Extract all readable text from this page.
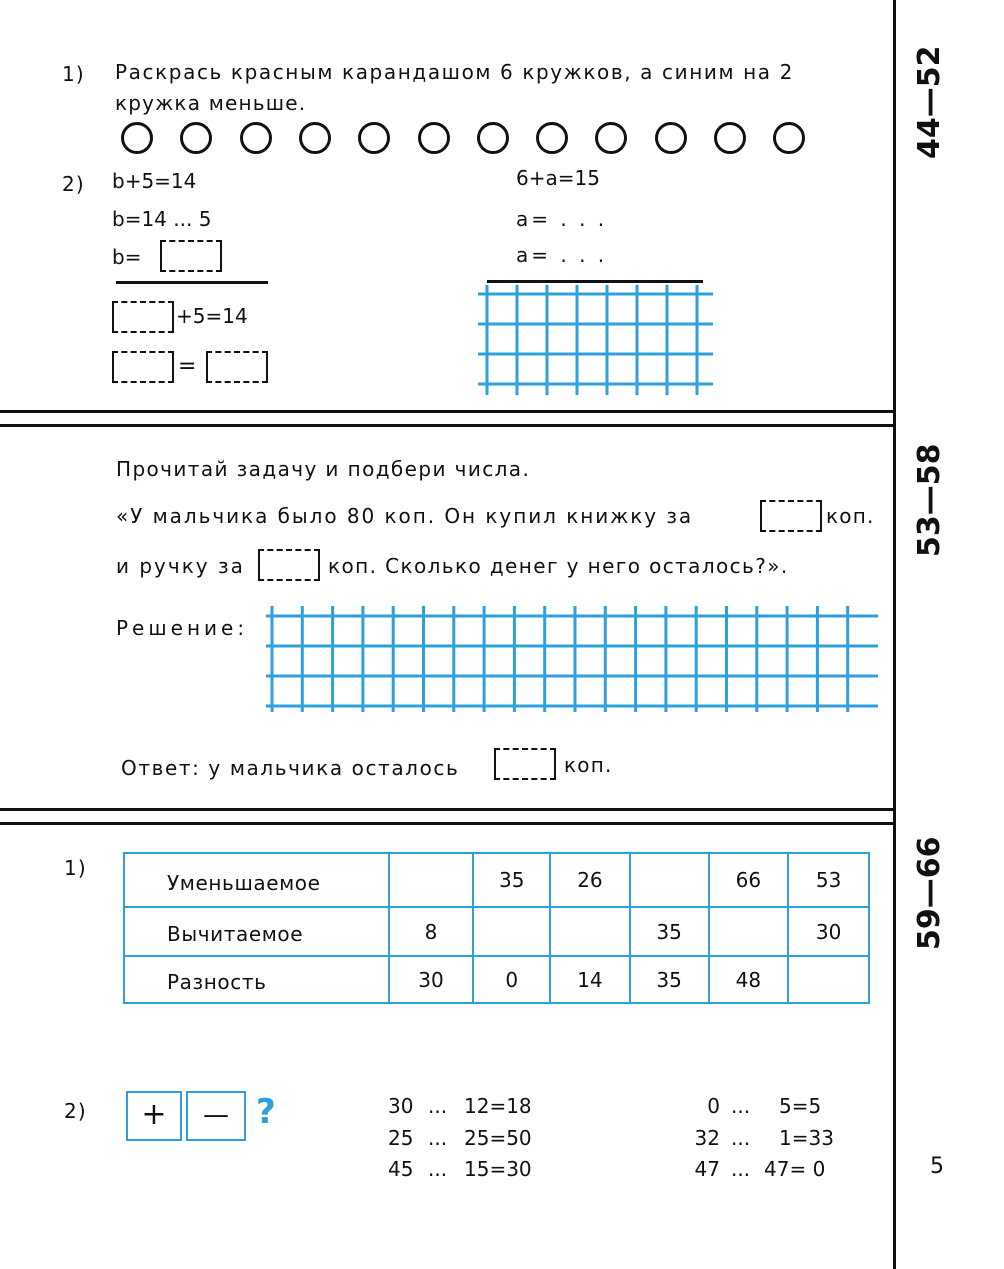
44—52
53—58
59—66
5
1) Раскрась красным карандашом 6 кружков, а синим на 2
кружка меньше.
2) b+5=14
b=14 ... 5
b=
+5=14
=
6+a=15
a= . . .
a= . . .
Прочитай задачу и подбери числа.
«У мальчика было 80 коп. Он купил книжку за	коп.
и ручку за	коп. Сколько денег у него осталось?».
Решение:
Ответ: у мальчика осталось	коп.
1)
Уменьшаемое		35	26		66	53
Вычитаемое	8			35		30
Разность	30	0	14	35	48	
2)	+	— ?	30 ... 12=18
25 ... 25=50
45 ... 15=30
0 ... 5=5
32 ... 1=33
47 ... 47= 0
